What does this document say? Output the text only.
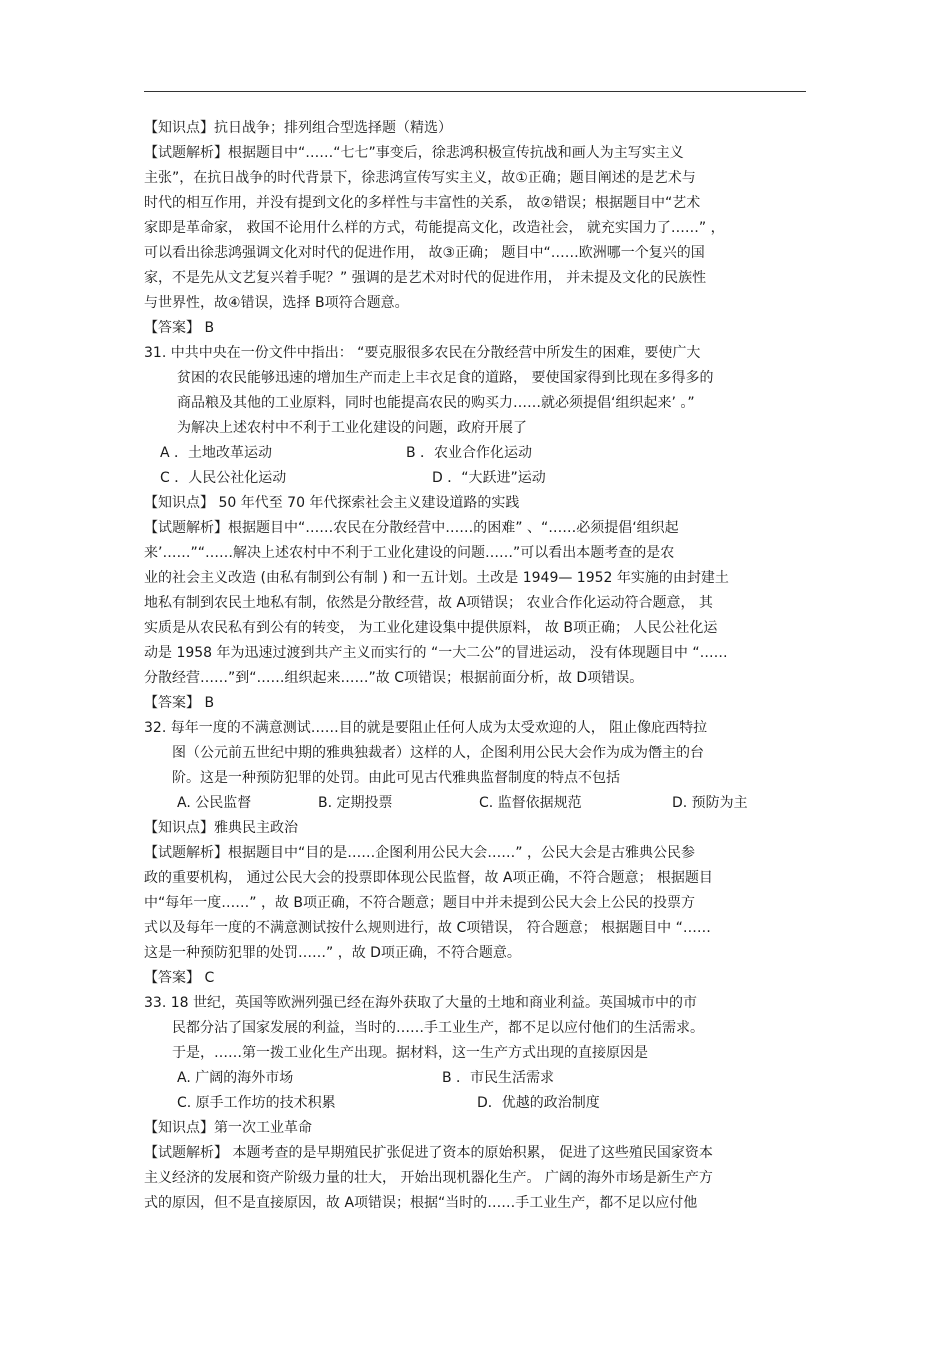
【知识点】抗日战争；排列组合型选择题（精选）
【试题解析】根据题目中“……“七七”事变后，徐悲鸿积极宣传抗战和画人为主写实主义
主张”，在抗日战争的时代背景下，徐悲鸿宣传写实主义，故①正确；题目阐述的是艺术与
时代的相互作用，并没有提到文化的多样性与丰富性的关系， 故②错误；根据题目中“艺术
家即是革命家， 救国不论用什么样的方式，苟能提高文化，改造社会， 就充实国力了……” ，
可以看出徐悲鸿强调文化对时代的促进作用， 故③正确； 题目中“……欧洲哪一个复兴的国
家，不是先从文艺复兴着手呢？” 强调的是艺术对时代的促进作用， 并未提及文化的民族性
与世界性，故④错误，选择 B项符合题意。
【答案】 B
31. 中共中央在一份文件中指出： “要克服很多农民在分散经营中所发生的困难，要使广大
贫困的农民能够迅速的增加生产而走上丰衣足食的道路， 要使国家得到比现在多得多的
商品粮及其他的工业原料，同时也能提高农民的购买力……就必须提倡‘组织起来’ 。”
为解决上述农村中不利于工业化建设的问题，政府开展了
A ．土地改革运动	B ．农业合作化运动
C ．人民公社化运动	D ．“大跃进”运动
【知识点】 50 年代至 70 年代探索社会主义建设道路的实践
【试题解析】根据题目中“……农民在分散经营中……的困难” 、“……必须提倡‘组织起
来’……”“……解决上述农村中不利于工业化建设的问题……”可以看出本题考查的是农
业的社会主义改造 (由私有制到公有制 ) 和一五计划。土改是 1949— 1952 年实施的由封建土
地私有制到农民土地私有制，依然是分散经营，故 A项错误； 农业合作化运动符合题意， 其
实质是从农民私有到公有的转变， 为工业化建设集中提供原料， 故 B项正确； 人民公社化运
动是 1958 年为迅速过渡到共产主义而实行的 “一大二公”的冒进运动， 没有体现题目中 “……
分散经营……”到“……组织起来……”故 C项错误；根据前面分析，故 D项错误。
【答案】 B
32. 每年一度的不满意测试……目的就是要阻止任何人成为太受欢迎的人， 阻止像庇西特拉
图（公元前五世纪中期的雅典独裁者）这样的人，企图利用公民大会作为成为僭主的台
阶。这是一种预防犯罪的处罚。由此可见古代雅典监督制度的特点不包括
A. 公民监督	B. 定期投票	C. 监督依据规范	D. 预防为主
【知识点】雅典民主政治
【试题解析】根据题目中“目的是……企图利用公民大会……” ，公民大会是古雅典公民参
政的重要机构， 通过公民大会的投票即体现公民监督，故 A项正确，不符合题意； 根据题目
中“每年一度……” ，故 B项正确，不符合题意；题目中并未提到公民大会上公民的投票方
式以及每年一度的不满意测试按什么规则进行，故 C项错误， 符合题意； 根据题目中 “……
这是一种预防犯罪的处罚……” ，故 D项正确，不符合题意。
【答案】 C
33. 18 世纪，英国等欧洲列强已经在海外获取了大量的土地和商业利益。英国城市中的市
民都分沾了国家发展的利益，当时的……手工业生产，都不足以应付他们的生活需求。
于是，……第一拨工业化生产出现。据材料，这一生产方式出现的直接原因是
A. 广阔的海外市场	B ．市民生活需求
C. 原手工作坊的技术积累	D．优越的政治制度
【知识点】第一次工业革命
【试题解析】 本题考查的是早期殖民扩张促进了资本的原始积累， 促进了这些殖民国家资本
主义经济的发展和资产阶级力量的壮大， 开始出现机器化生产。 广阔的海外市场是新生产方
式的原因，但不是直接原因，故 A项错误；根据“当时的……手工业生产，都不足以应付他
